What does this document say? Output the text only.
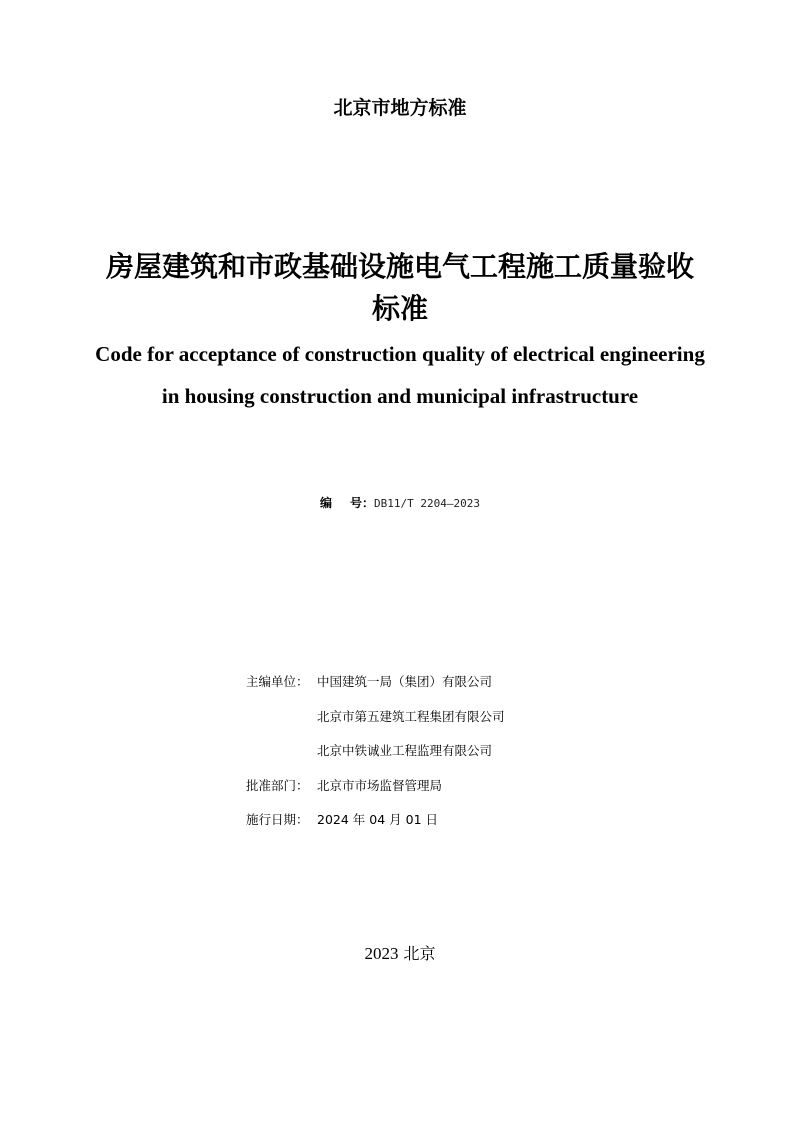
北京市地方标准
房屋建筑和市政基础设施电气工程施工质量验收
标准
Code for acceptance of construction quality of electrical engineering
in housing construction and municipal infrastructure
编 号：DB11/T 2204—2023
主编单位： 中国建筑一局（集团）有限公司
北京市第五建筑工程集团有限公司
北京中铁诚业工程监理有限公司
批准部门： 北京市市场监督管理局
施行日期： 2024 年 04 月 01 日
2023 北京
